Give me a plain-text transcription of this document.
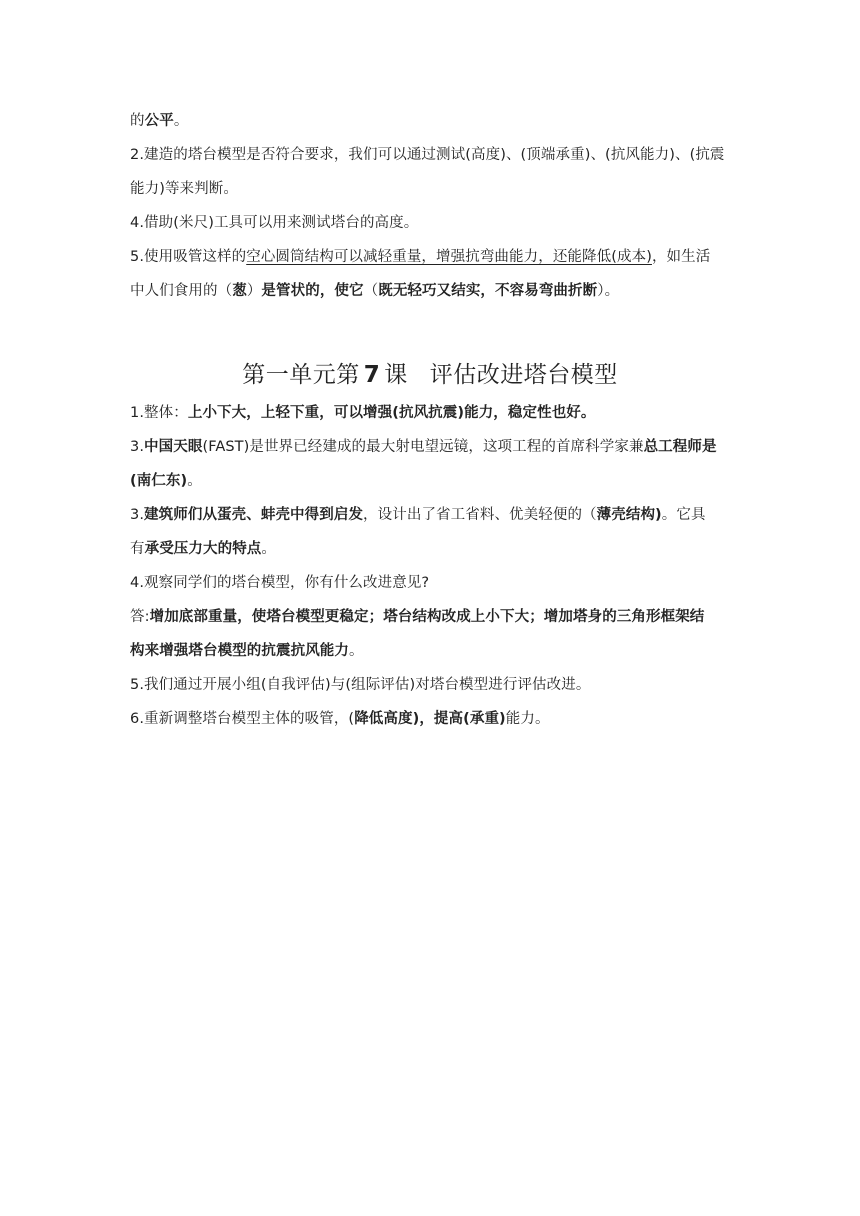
的公平。
2.建造的塔台模型是否符合要求，我们可以通过测试(高度)、(顶端承重)、(抗风能力)、(抗震
能力)等来判断。
4.借助(米尺)工具可以用来测试塔台的高度。
5.使用吸管这样的空心圆筒结构可以减轻重量，增强抗弯曲能力，还能降低(成本)，如生活
中人们食用的（葱）是管状的，使它（既无轻巧又结实，不容易弯曲折断）。
第一单元第 7 课 评估改进塔台模型
1.整体：上小下大，上轻下重，可以增强(抗风抗震)能力，稳定性也好。
3.中国天眼(FAST)是世界已经建成的最大射电望远镜，这项工程的首席科学家兼总工程师是
(南仁东)。
3.建筑师们从蛋壳、蚌壳中得到启发，设计出了省工省料、优美轻便的（薄壳结构)。它具
有承受压力大的特点。
4.观察同学们的塔台模型，你有什么改进意见?
答:增加底部重量，使塔台模型更稳定；塔台结构改成上小下大；增加塔身的三角形框架结
构来增强塔台模型的抗震抗风能力。
5.我们通过开展小组(自我评估)与(组际评估)对塔台模型进行评估改进。
6.重新调整塔台模型主体的吸管，(降低高度)，提高(承重)能力。
